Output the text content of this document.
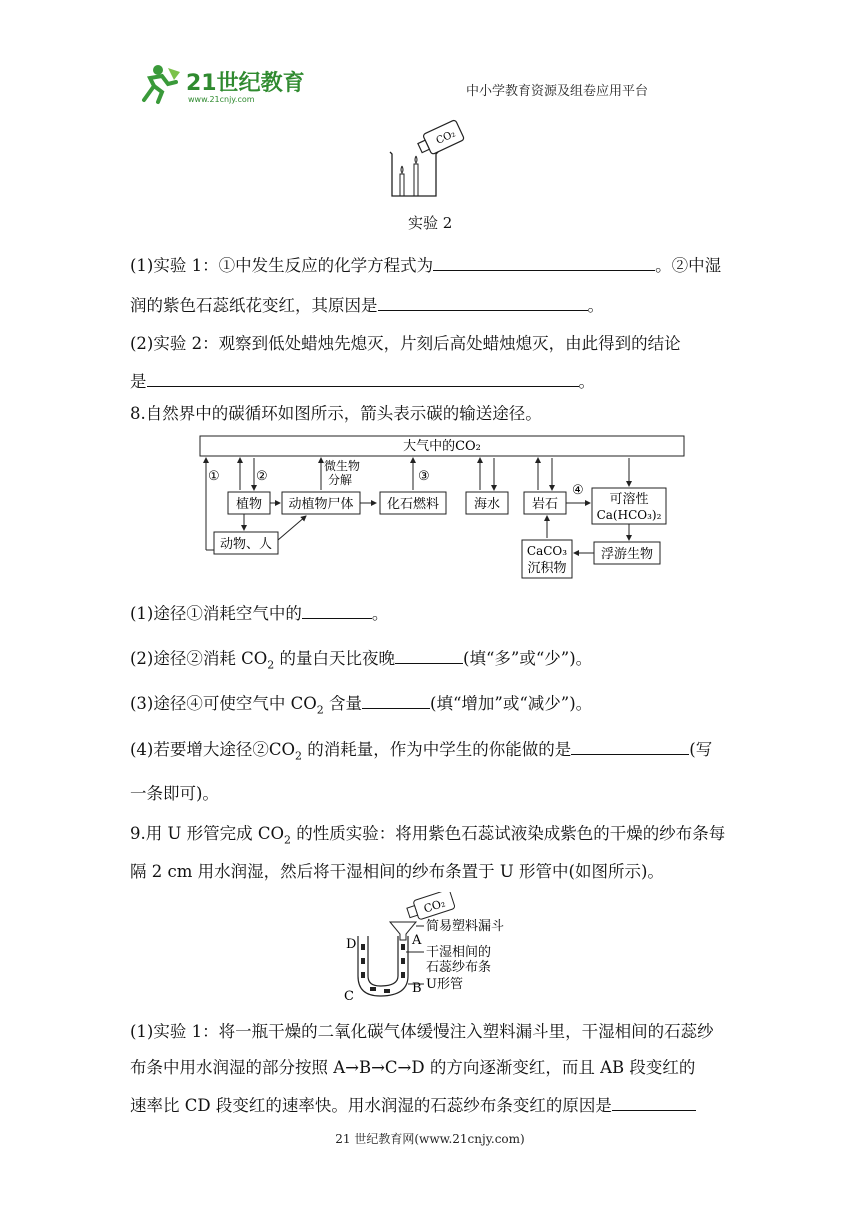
21世纪教育
www.21cnjy.com
中小学教育资源及组卷应用平台
CO₂
实验 2
(1)实验 1：①中发生反应的化学方程式为	。②中湿
润的紫色石蕊纸花变红，其原因是	。
(2)实验 2：观察到低处蜡烛先熄灭，片刻后高处蜡烛熄灭，由此得到的结论
是	。
8.自然界中的碳循环如图所示，箭头表示碳的输送途径。
大气中的CO₂
①
植物
②
动植物尸体
微生物
分解
化石燃料
③
海水 岩石
④
可溶性
Ca(HCO₃)₂
浮游生物
CaCO₃
沉积物
动物、人
(1)途径①消耗空气中的	。
(2)途径②消耗 $CO_2$ 的量白天比夜晚	(填“多”或“少”)。
(3)途径④可使空气中 $CO_2$ 含量	(填“增加”或“减少”)。
(4)若要增大途径$②CO_2$ 的消耗量，作为中学生的你能做的是	(写
一条即可)。
9.用 U 形管完成 $CO_2$ 的性质实验：将用紫色石蕊试液染成紫色的干燥的纱布条每
隔 2 cm 用水润湿，然后将干湿相间的纱布条置于 U 形管中(如图所示)。
CO₂
简易塑料漏斗
D	A
C
B
干湿相间的
石蕊纱布条
U形管
(1)实验 1：将一瓶干燥的二氧化碳气体缓慢注入塑料漏斗里，干湿相间的石蕊纱
布条中用水润湿的部分按照 A→B→C→D 的方向逐渐变红，而且 AB 段变红的
速率比 CD 段变红的速率快。用水润湿的石蕊纱布条变红的原因是
21 世纪教育网(www.21cnjy.com)
